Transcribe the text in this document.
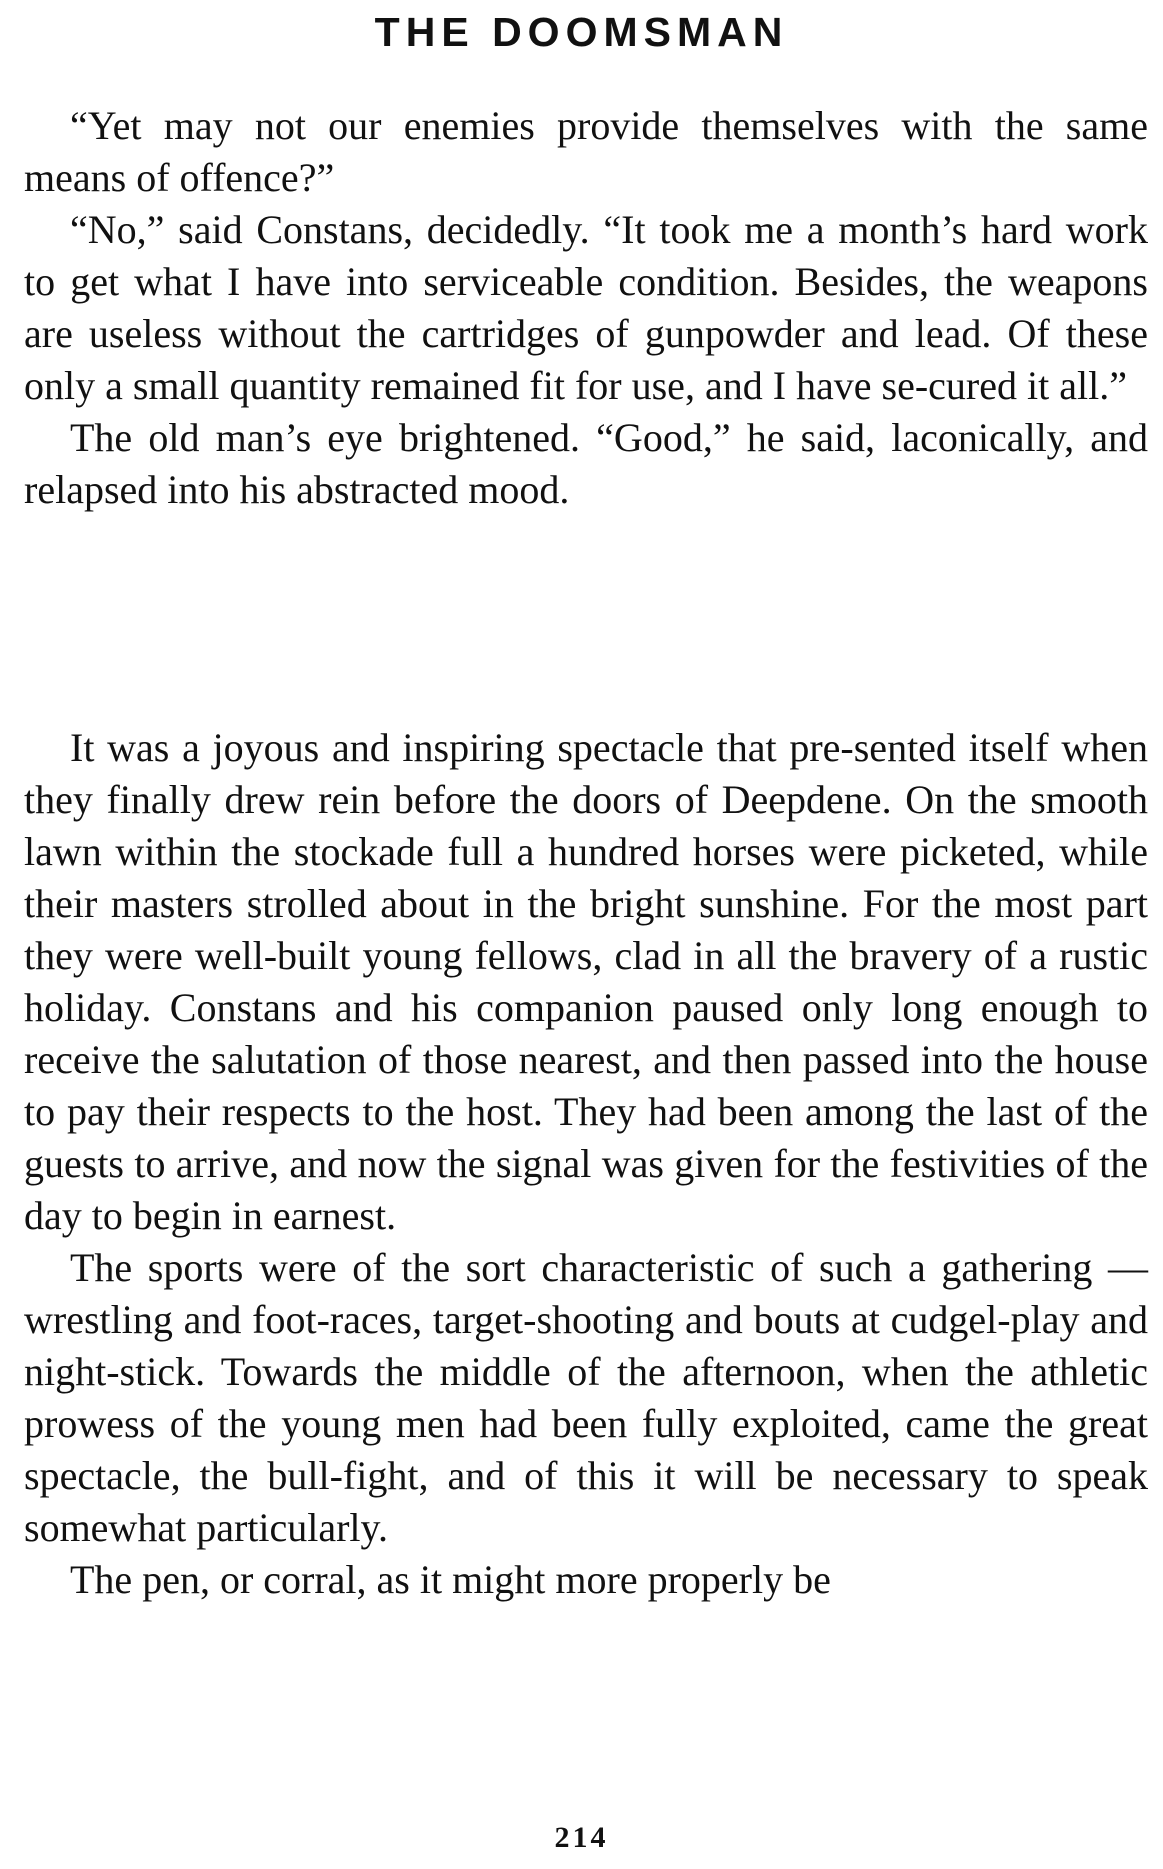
THE DOOMSMAN

“Yet may not our enemies provide themselves with the same means of offence?”

“No,” said Constans, decidedly. “It took me a month’s hard work to get what I have into serviceable condition. Besides, the weapons are useless without the cartridges of gunpowder and lead. Of these only a small quantity remained fit for use, and I have se-cured it all.”

The old man’s eye brightened. “Good,” he said, laconically, and relapsed into his abstracted mood.

It was a joyous and inspiring spectacle that pre-sented itself when they finally drew rein before the doors of Deepdene. On the smooth lawn within the stockade full a hundred horses were picketed, while their masters strolled about in the bright sunshine. For the most part they were well-built young fellows, clad in all the bravery of a rustic holiday. Constans and his companion paused only long enough to receive the salutation of those nearest, and then passed into the house to pay their respects to the host. They had been among the last of the guests to arrive, and now the signal was given for the festivities of the day to begin in earnest.

The sports were of the sort characteristic of such a gathering — wrestling and foot-races, target-shooting and bouts at cudgel-play and night-stick. Towards the middle of the afternoon, when the athletic prowess of the young men had been fully exploited, came the great spectacle, the bull-fight, and of this it will be necessary to speak somewhat particularly.

The pen, or corral, as it might more properly be

214
